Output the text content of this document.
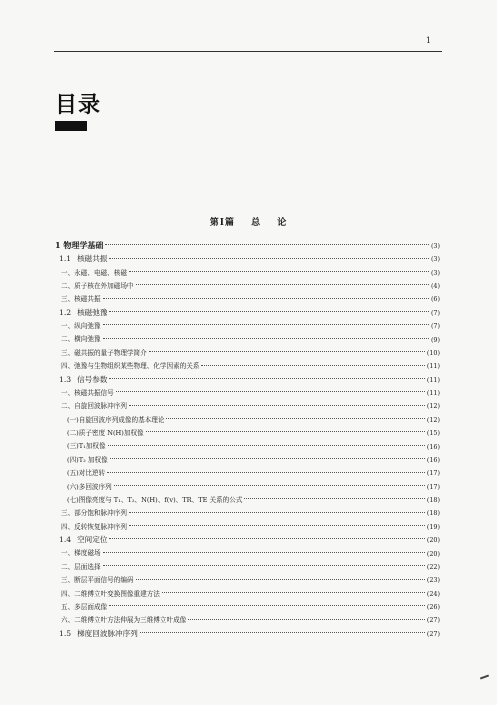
1
目录
第Ⅰ篇 总 论
1 物理学基础	(3)
1.1 核磁共振	(3)
一、永磁、电磁、核磁	(3)
二、质子核在外加磁场中	(4)
三、核磁共振	(6)
1.2 核磁弛豫	(7)
一、纵向弛豫	(7)
二、横向弛豫	(9)
三、磁共振的量子物理学简介	(10)
四、弛豫与生物组织某些物理、化学因素的关系	(11)
1.3 信号参数	(11)
一、核磁共振信号	(11)
二、自旋回波脉冲序列	(12)
(一)自旋回波序列成像的基本理论	(12)
(二)质子密度 N(H)加权像	(15)
(三)T₁加权像	(16)
(四)T₂ 加权像	(16)
(五)对比逆转	(17)
(六)多回波序列	(17)
(七)图像亮度与 T₁、T₂、N(H)、f(v)、TR、TE 关系的公式	(18)
三、部分饱和脉冲序列	(18)
四、反转恢复脉冲序列	(19)
1.4 空间定位	(20)
一、梯度磁场	(20)
二、层面选择	(22)
三、断层平面信号的编码	(23)
四、二维傅立叶变换图像重建方法	(24)
五、多层面成像	(26)
六、二维傅立叶方法伸展为三维傅立叶成像	(27)
1.5 梯度回波脉冲序列	(27)
